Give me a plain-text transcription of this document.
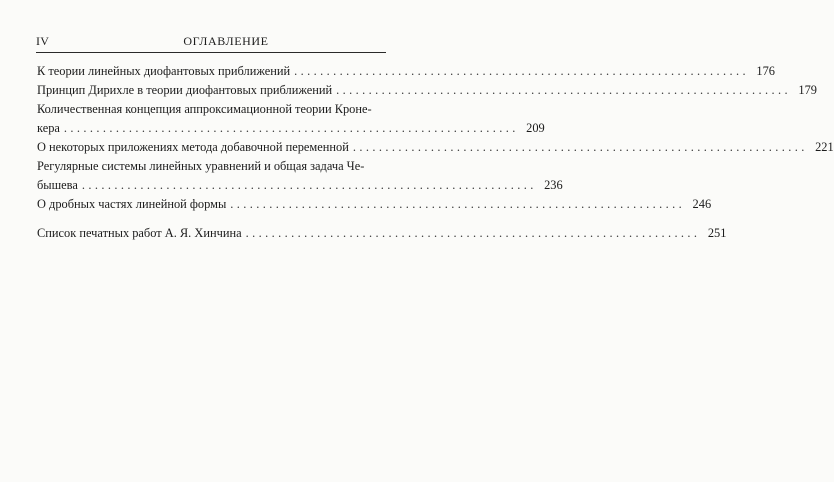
IV	ОГЛАВЛЕНИЕ
К теории линейных диофантовых приближений ...................................................................... 176
Принцип Дирихле в теории диофантовых приближений ...................................................................... 179
Количественная концепция аппроксимационной теории Кроне-
кера ...................................................................... 209
О некоторых приложениях метода добавочной переменной ...................................................................... 221
Регулярные системы линейных уравнений и общая задача Че-
бышева ...................................................................... 236
О дробных частях линейной формы ...................................................................... 246
Список печатных работ А. Я. Хинчина ...................................................................... 251
